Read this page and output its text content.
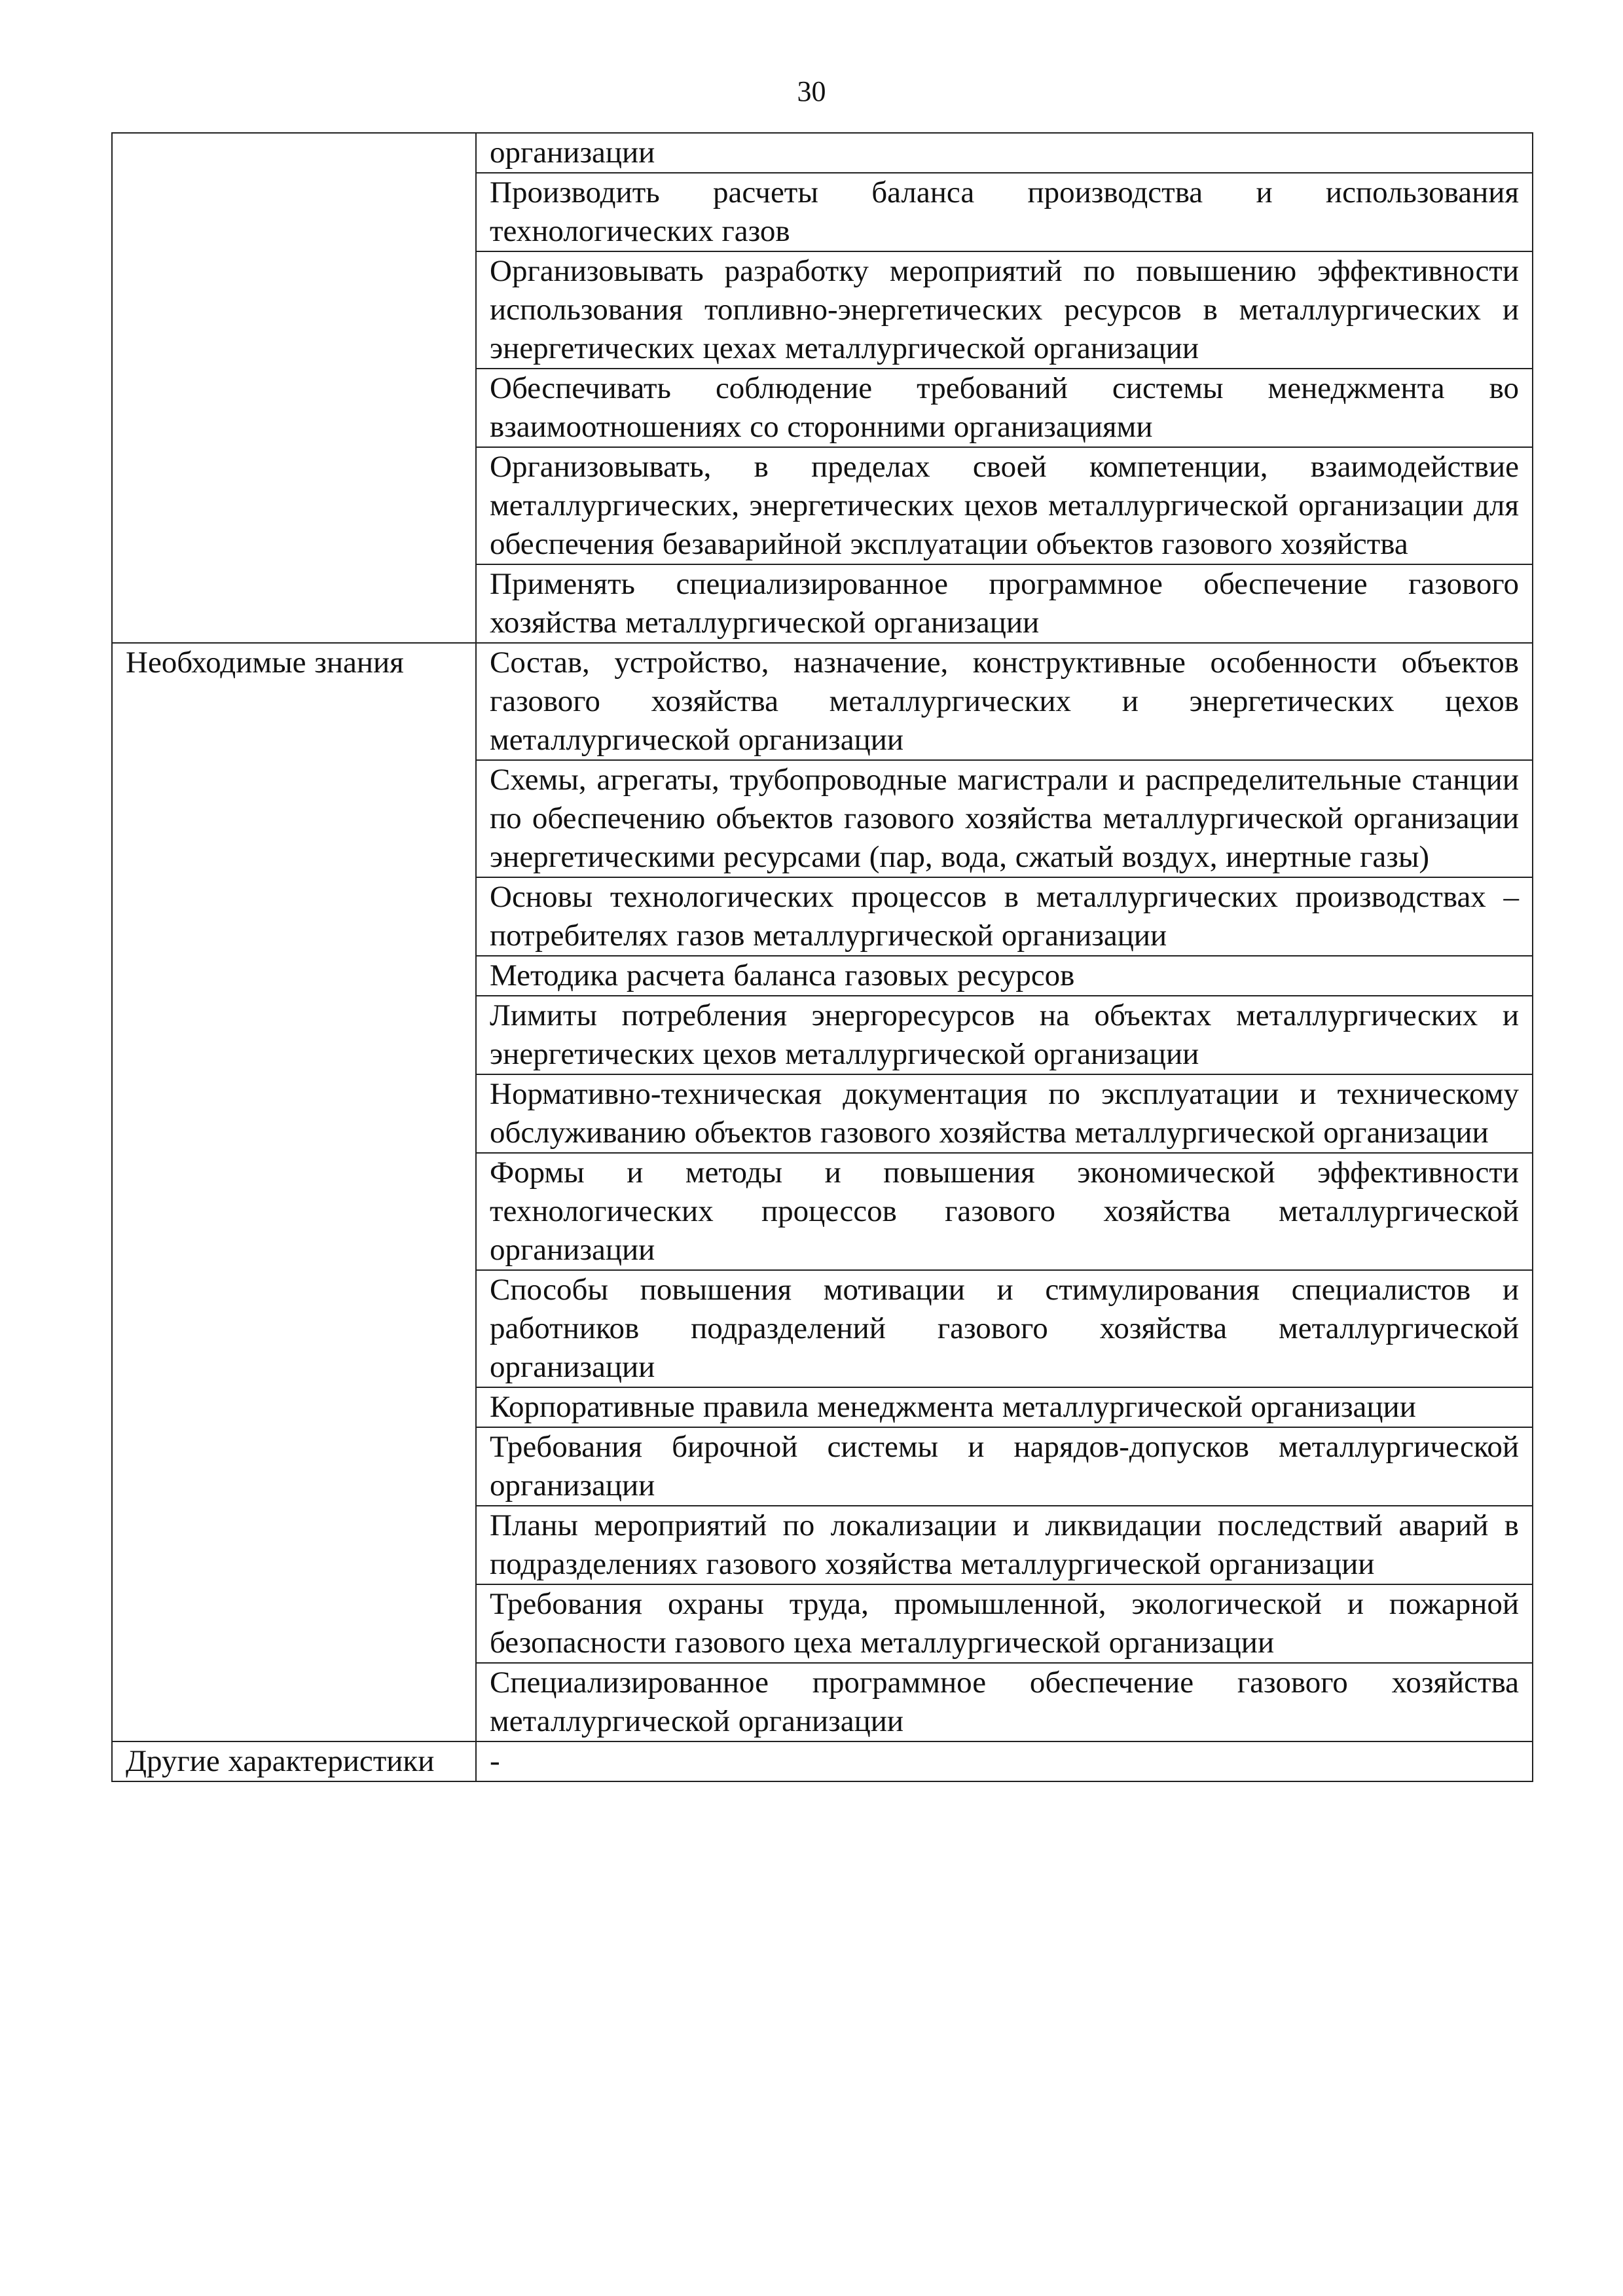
30
	организации
	Производить расчеты баланса производства и использования технологических газов
	Организовывать разработку мероприятий по повышению эффективности использования топливно-энергетических ресурсов в металлургических и энергетических цехах металлургической организации
	Обеспечивать соблюдение требований системы менеджмента во взаимоотношениях со сторонними организациями
	Организовывать, в пределах своей компетенции, взаимодействие металлургических, энергетических цехов металлургической организации для обеспечения безаварийной эксплуатации объектов газового хозяйства
	Применять специализированное программное обеспечение газового хозяйства металлургической организации
Необходимые знания	Состав, устройство, назначение, конструктивные особенности объектов газового хозяйства металлургических и энергетических цехов металлургической организации
	Схемы, агрегаты, трубопроводные магистрали и распределительные станции по обеспечению объектов газового хозяйства металлургической организации энергетическими ресурсами (пар, вода, сжатый воздух, инертные газы)
	Основы технологических процессов в металлургических производствах – потребителях газов металлургической организации
	Методика расчета баланса газовых ресурсов
	Лимиты потребления энергоресурсов на объектах металлургических и энергетических цехов металлургической организации
	Нормативно-техническая документация по эксплуатации и техническому обслуживанию объектов газового хозяйства металлургической организации
	Формы и методы и повышения экономической эффективности технологических процессов газового хозяйства металлургической организации
	Способы повышения мотивации и стимулирования специалистов и работников подразделений газового хозяйства металлургической организации
	Корпоративные правила менеджмента металлургической организации
	Требования бирочной системы и нарядов-допусков металлургической организации
	Планы мероприятий по локализации и ликвидации последствий аварий в подразделениях газового хозяйства металлургической организации
	Требования охраны труда, промышленной, экологической и пожарной безопасности газового цеха металлургической организации
	Специализированное программное обеспечение газового хозяйства металлургической организации
Другие характеристики	-
